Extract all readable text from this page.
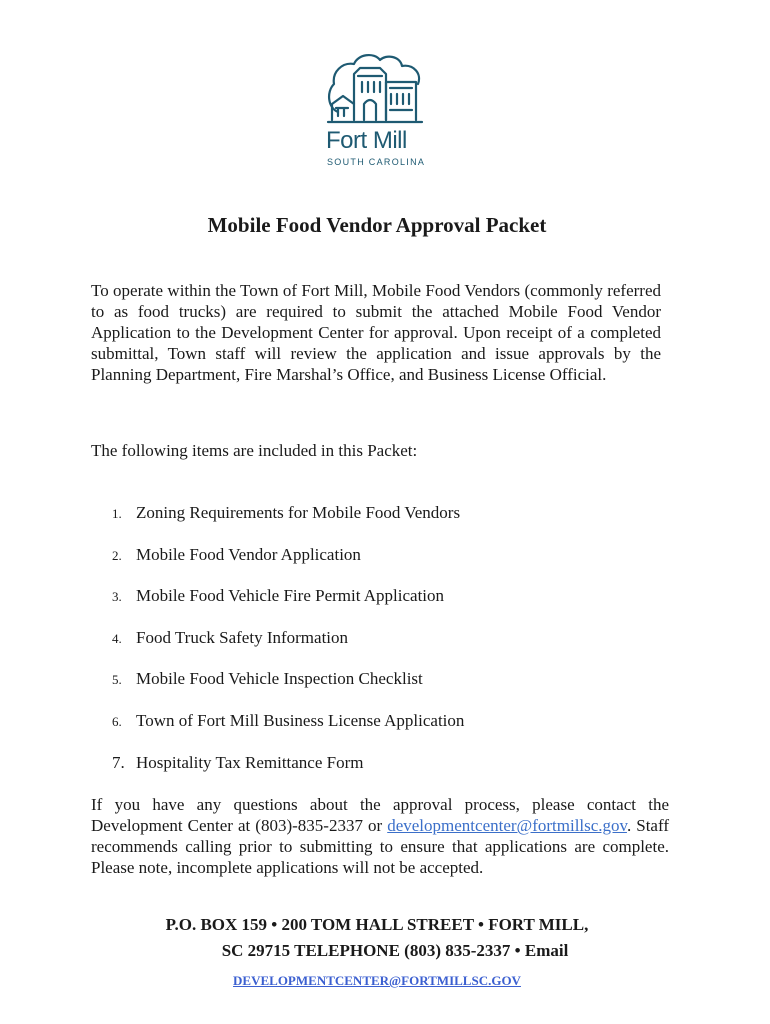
Fort Mill
SOUTH CAROLINA
Mobile Food Vendor Approval Packet

To operate within the Town of Fort Mill, Mobile Food Vendors (commonly referred to as food trucks) are required to submit the attached Mobile Food Vendor Application to the Development Center for approval. Upon receipt of a completed submittal, Town staff will review the application and issue approvals by the Planning Department, Fire Marshal’s Office, and Business License Official.

The following items are included in this Packet:

1. Zoning Requirements for Mobile Food Vendors
2. Mobile Food Vendor Application
3. Mobile Food Vehicle Fire Permit Application
4. Food Truck Safety Information
5. Mobile Food Vehicle Inspection Checklist
6. Town of Fort Mill Business License Application
7. Hospitality Tax Remittance Form

If you have any questions about the approval process, please contact the Development Center at (803)-835-2337 or developmentcenter@fortmillsc.gov. Staff recommends calling prior to submitting to ensure that applications are complete. Please note, incomplete applications will not be accepted.

P.O. BOX 159 • 200 TOM HALL STREET • FORT MILL,
SC 29715 TELEPHONE (803) 835-2337 • Email
DEVELOPMENTCENTER@FORTMILLSC.GOV
